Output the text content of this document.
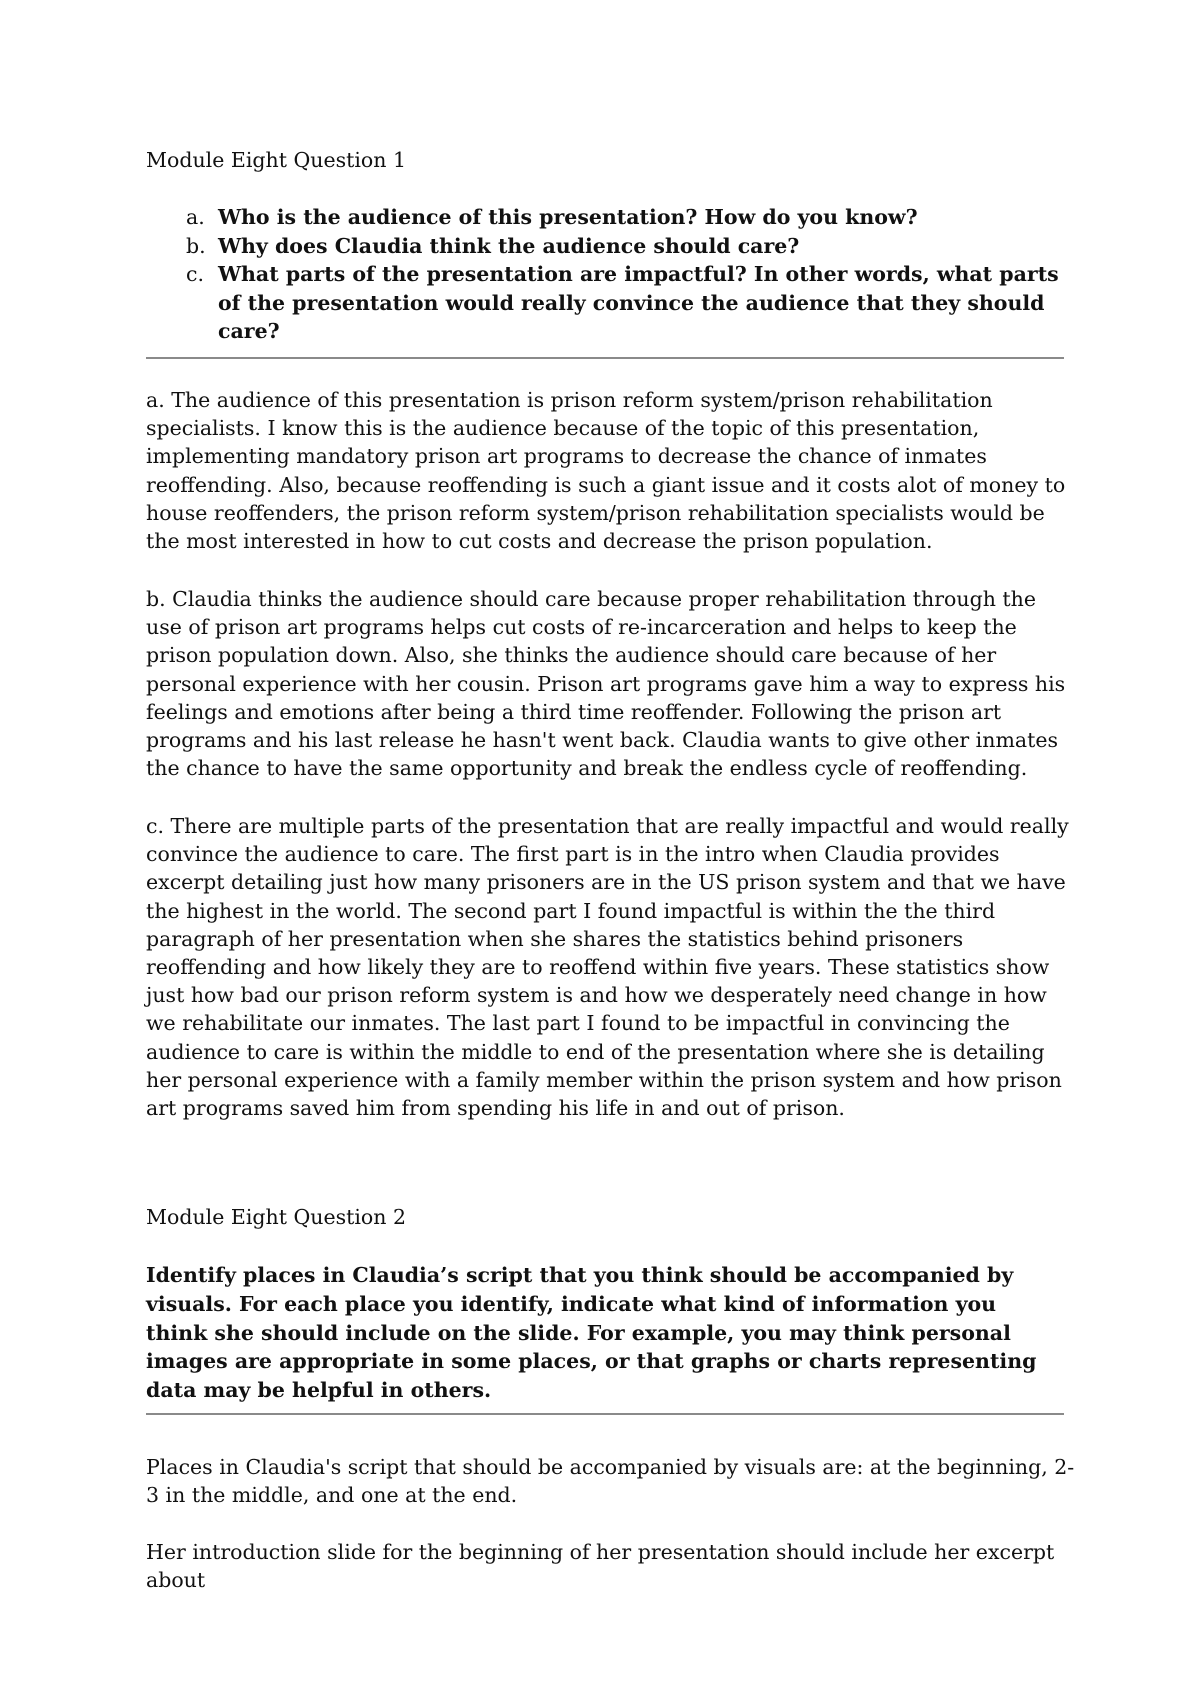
Module Eight Question 1
a. Who is the audience of this presentation? How do you know?
b. Why does Claudia think the audience should care?
c. What parts of the presentation are impactful? In other words, what parts of the presentation would really convince the audience that they should care?

a. The audience of this presentation is prison reform system/prison rehabilitation specialists. I know this is the audience because of the topic of this presentation, implementing mandatory prison art programs to decrease the chance of inmates reoffending. Also, because reoffending is such a giant issue and it costs alot of money to house reoffenders, the prison reform system/prison rehabilitation specialists would be the most interested in how to cut costs and decrease the prison population.

b. Claudia thinks the audience should care because proper rehabilitation through the use of prison art programs helps cut costs of re-incarceration and helps to keep the prison population down. Also, she thinks the audience should care because of her personal experience with her cousin. Prison art programs gave him a way to express his feelings and emotions after being a third time reoffender. Following the prison art programs and his last release he hasn't went back. Claudia wants to give other inmates the chance to have the same opportunity and break the endless cycle of reoffending.

c. There are multiple parts of the presentation that are really impactful and would really convince the audience to care. The first part is in the intro when Claudia provides excerpt detailing just how many prisoners are in the US prison system and that we have the highest in the world. The second part I found impactful is within the the third paragraph of her presentation when she shares the statistics behind prisoners reoffending and how likely they are to reoffend within five years. These statistics show just how bad our prison reform system is and how we desperately need change in how we rehabilitate our inmates. The last part I found to be impactful in convincing the audience to care is within the middle to end of the presentation where she is detailing her personal experience with a family member within the prison system and how prison art programs saved him from spending his life in and out of prison.

Module Eight Question 2

Identify places in Claudia’s script that you think should be accompanied by visuals. For each place you identify, indicate what kind of information you think she should include on the slide. For example, you may think personal images are appropriate in some places, or that graphs or charts representing data may be helpful in others.

Places in Claudia's script that should be accompanied by visuals are: at the beginning, 2-3 in the middle, and one at the end.

Her introduction slide for the beginning of her presentation should include her excerpt about
